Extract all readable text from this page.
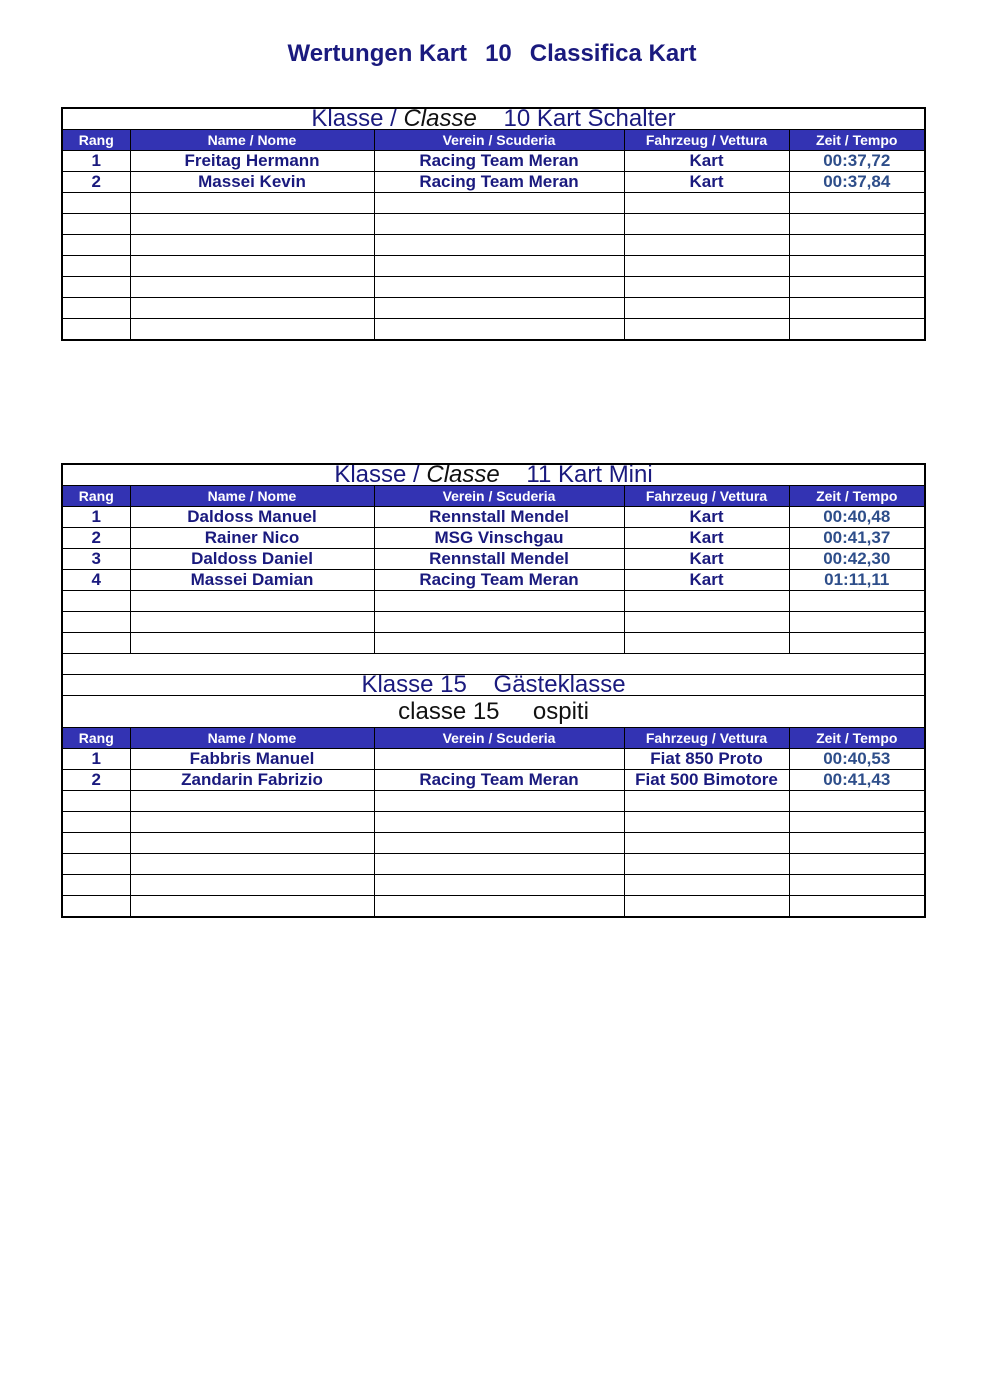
Wertungen Kart 10 Classifica Kart
Klasse / Classe 10 Kart Schalter				
Rang	Name / Nome	Verein / Scuderia	Fahrzeug / Vettura	Zeit / Tempo
1	Freitag Hermann	Racing Team Meran	Kart	00:37,72
2	Massei Kevin	Racing Team Meran	Kart	00:37,84

Klasse / Classe 11 Kart Mini				
Rang	Name / Nome	Verein / Scuderia	Fahrzeug / Vettura	Zeit / Tempo
1	Daldoss Manuel	Rennstall Mendel	Kart	00:40,48
2	Rainer Nico	MSG Vinschgau	Kart	00:41,37
3	Daldoss Daniel	Rennstall Mendel	Kart	00:42,30
4	Massei Damian	Racing Team Meran	Kart	01:11,11

Klasse 15 Gästeklasse				
classe 15 ospiti				
Rang	Name / Nome	Verein / Scuderia	Fahrzeug / Vettura	Zeit / Tempo
1	Fabbris Manuel		Fiat 850 Proto	00:40,53
2	Zandarin Fabrizio	Racing Team Meran	Fiat 500 Bimotore	00:41,43
